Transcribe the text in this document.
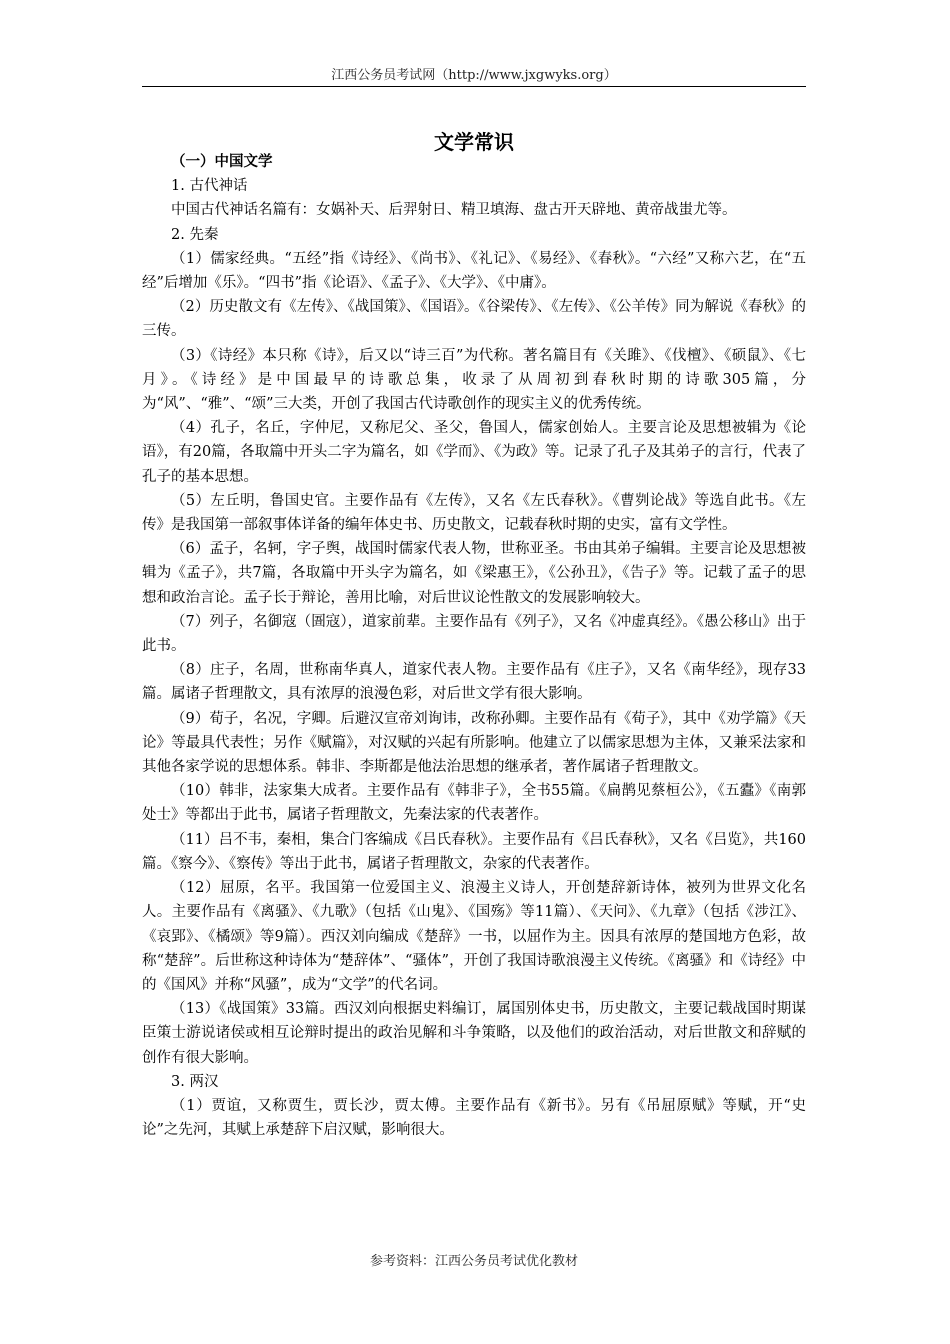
江西公务员考试网（http://www.jxgwyks.org）
文学常识

（一）中国文学

1. 古代神话

中国古代神话名篇有：女娲补天、后羿射日、精卫填海、盘古开天辟地、黄帝战蚩尤等。

2. 先秦

（1）儒家经典。“五经”指《诗经》、《尚书》、《礼记》、《易经》、《春秋》。“六经”又称六艺，在“五经”后增加《乐》。“四书”指《论语》、《孟子》、《大学》、《中庸》。

（2）历史散文有《左传》、《战国策》、《国语》。《谷梁传》、《左传》、《公羊传》同为解说《春秋》的三传。

（3）《诗经》本只称《诗》，后又以“诗三百”为代称。著名篇目有《关雎》、《伐檀》、《硕鼠》、《七月》。《诗经》是中国最早的诗歌总集，收录了从周初到春秋时期的诗歌305篇，分为“风”、“雅”、“颂”三大类，开创了我国古代诗歌创作的现实主义的优秀传统。

（4）孔子，名丘，字仲尼，又称尼父、圣父，鲁国人，儒家创始人。主要言论及思想被辑为《论语》，有20篇，各取篇中开头二字为篇名，如《学而》、《为政》等。记录了孔子及其弟子的言行，代表了孔子的基本思想。

（5）左丘明，鲁国史官。主要作品有《左传》，又名《左氏春秋》。《曹刿论战》等选自此书。《左传》是我国第一部叙事体详备的编年体史书、历史散文，记载春秋时期的史实，富有文学性。

（6）孟子，名轲，字子舆，战国时儒家代表人物，世称亚圣。书由其弟子编辑。主要言论及思想被辑为《孟子》，共7篇，各取篇中开头字为篇名，如《梁惠王》，《公孙丑》，《告子》等。记载了孟子的思想和政治言论。孟子长于辩论，善用比喻，对后世议论性散文的发展影响较大。

（7）列子，名御寇（圄寇），道家前辈。主要作品有《列子》，又名《冲虚真经》。《愚公移山》出于此书。

（8）庄子，名周，世称南华真人，道家代表人物。主要作品有《庄子》，又名《南华经》，现存33篇。属诸子哲理散文，具有浓厚的浪漫色彩，对后世文学有很大影响。

（9）荀子，名况，字卿。后避汉宣帝刘询讳，改称孙卿。主要作品有《荀子》，其中《劝学篇》《天论》等最具代表性；另作《赋篇》，对汉赋的兴起有所影响。他建立了以儒家思想为主体，又兼采法家和其他各家学说的思想体系。韩非、李斯都是他法治思想的继承者，著作属诸子哲理散文。

（10）韩非，法家集大成者。主要作品有《韩非子》，全书55篇。《扁鹊见蔡桓公》，《五蠹》《南郭处士》等都出于此书，属诸子哲理散文，先秦法家的代表著作。

（11）吕不韦，秦相，集合门客编成《吕氏春秋》。主要作品有《吕氏春秋》，又名《吕览》，共160篇。《察今》、《察传》等出于此书，属诸子哲理散文，杂家的代表著作。

（12）屈原，名平。我国第一位爱国主义、浪漫主义诗人，开创楚辞新诗体，被列为世界文化名人。主要作品有《离骚》、《九歌》（包括《山鬼》、《国殇》等11篇）、《天问》、《九章》（包括《涉江》、《哀郢》、《橘颂》等9篇）。西汉刘向编成《楚辞》一书，以屈作为主。因具有浓厚的楚国地方色彩，故称“楚辞”。后世称这种诗体为“楚辞体”、“骚体”，开创了我国诗歌浪漫主义传统。《离骚》和《诗经》中的《国风》并称“风骚”，成为“文学”的代名词。

（13）《战国策》33篇。西汉刘向根据史料编订，属国别体史书，历史散文，主要记载战国时期谋臣策士游说诸侯或相互论辩时提出的政治见解和斗争策略，以及他们的政治活动，对后世散文和辞赋的创作有很大影响。

3. 两汉

（1）贾谊，又称贾生，贾长沙，贾太傅。主要作品有《新书》。另有《吊屈原赋》等赋，开“史论”之先河，其赋上承楚辞下启汉赋，影响很大。

参考资料：江西公务员考试优化教材
